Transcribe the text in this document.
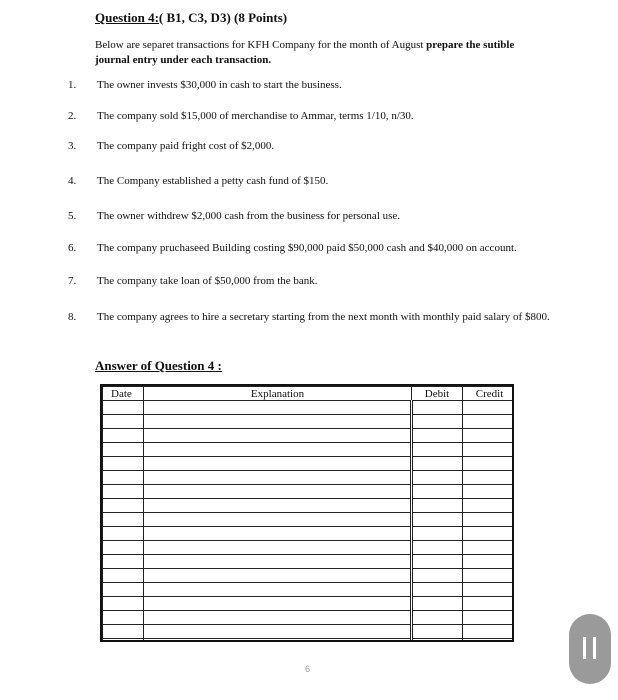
Question 4:( B1, C3, D3) (8 Points)
Below are separet transactions for KFH Company for the month of August prepare the sutible journal entry under each transaction.
1. The owner invests $30,000 in cash to start the business.
2. The company sold $15,000 of merchandise to Ammar, terms 1/10, n/30.
3. The company paid fright cost of $2,000.
4. The Company established a petty cash fund of $150.
5. The owner withdrew $2,000 cash from the business for personal use.
6. The company pruchaseed Building costing $90,000 paid $50,000 cash and $40,000 on account.
7. The company take loan of $50,000 from the bank.
8. The company agrees to hire a secretary starting from the next month with monthly paid salary of $800.
Answer of Question 4 :
Date	Explanation	Debit	Credit

6
